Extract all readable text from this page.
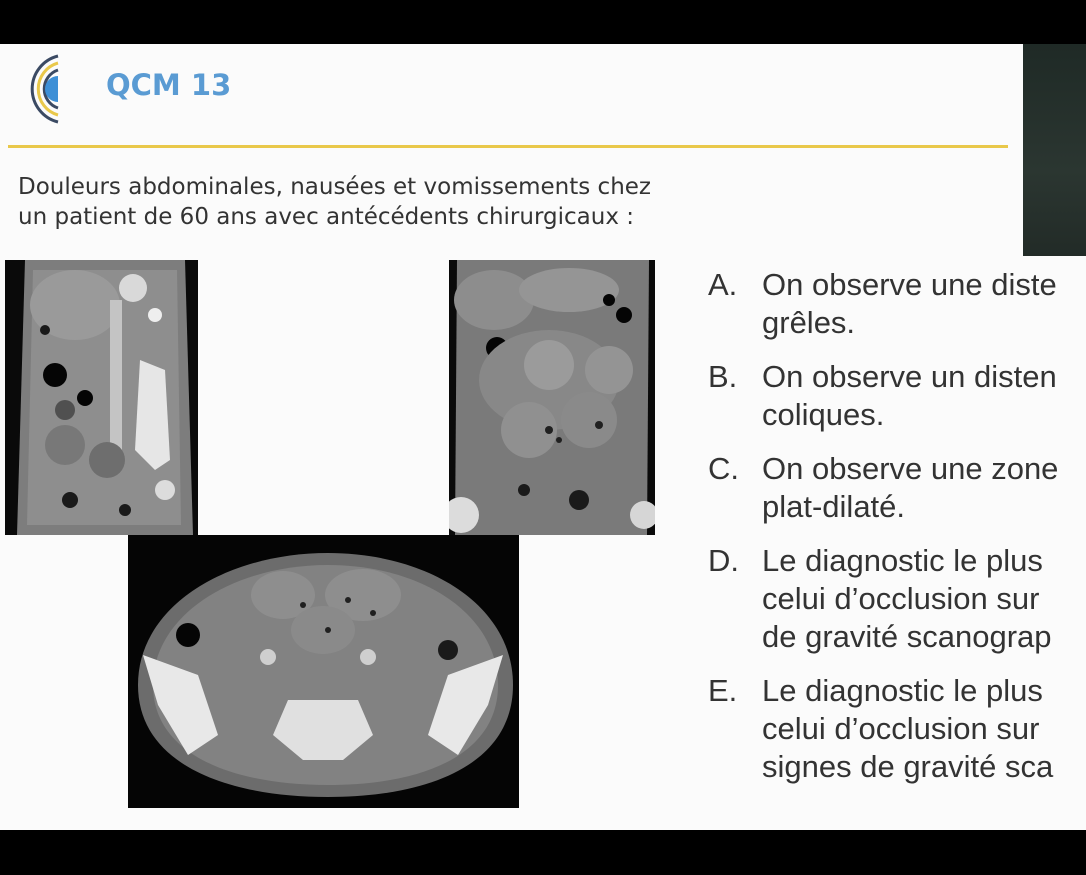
QCM 13
Douleurs abdominales, nausées et vomissements chez
un patient de 60 ans avec antécédents chirurgicaux :
A. On observe une diste
grêles.
B. On observe un disten
coliques.
C. On observe une zone
plat-dilaté.
D. Le diagnostic le plus
celui d’occlusion sur
de gravité scanograp
E. Le diagnostic le plus
celui d’occlusion sur
signes de gravité sca
